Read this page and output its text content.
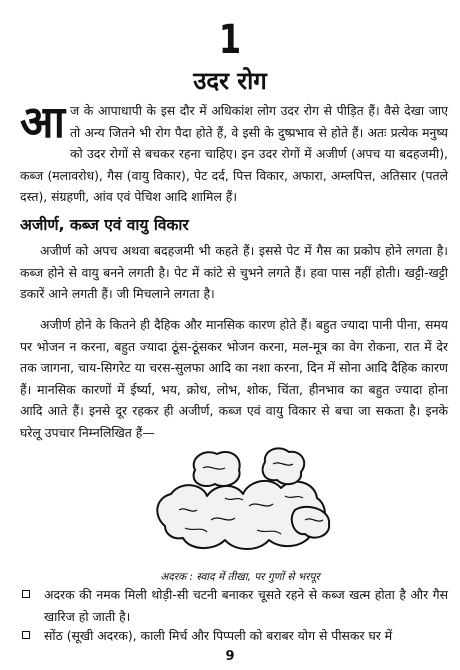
1
उदर रोग

आज के आपाधापी के इस दौर में अधिकांश लोग उदर रोग से पीड़ित हैं। वैसे देखा जाए तो अन्य जितने भी रोग पैदा होते हैं, वे इसी के दुष्प्रभाव से होते हैं। अतः प्रत्येक मनुष्य को उदर रोगों से बचकर रहना चाहिए। इन उदर रोगों में अजीर्ण (अपच या बदहजमी), कब्ज (मलावरोध), गैस (वायु विकार), पेट दर्द, पित्त विकार, अफारा, अम्लपित्त, अतिसार (पतले दस्त), संग्रहणी, आंव एवं पेचिश आदि शामिल हैं।

अजीर्ण, कब्ज एवं वायु विकार

अजीर्ण को अपच अथवा बदहजमी भी कहते हैं। इससे पेट में गैस का प्रकोप होने लगता है। कब्ज होने से वायु बनने लगती है। पेट में कांटे से चुभने लगते हैं। हवा पास नहीं होती। खट्टी-खट्टी डकारें आने लगती हैं। जी मिचलाने लगता है।

अजीर्ण होने के कितने ही दैहिक और मानसिक कारण होते हैं। बहुत ज्यादा पानी पीना, समय पर भोजन न करना, बहुत ज्यादा ठूंस-ठूंसकर भोजन करना, मल-मूत्र का वेग रोकना, रात में देर तक जागना, चाय-सिगरेट या चरस-सुलफा आदि का नशा करना, दिन में सोना आदि दैहिक कारण हैं। मानसिक कारणों में ईर्ष्या, भय, क्रोध, लोभ, शोक, चिंता, हीनभाव का बहुत ज्यादा होना आदि आते हैं। इनसे दूर रहकर ही अजीर्ण, कब्ज एवं वायु विकार से बचा जा सकता है। इनके घरेलू उपचार निम्नलिखित हैं—

अदरक : स्वाद में तीखा, पर गुणों से भरपूर
अदरक की नमक मिली थोड़ी-सी चटनी बनाकर चूसते रहने से कब्ज खत्म होता है और गैस खारिज हो जाती है।
सोंठ (सूखी अदरक), काली मिर्च और पिप्पली को बराबर योग से पीसकर घर में
9
